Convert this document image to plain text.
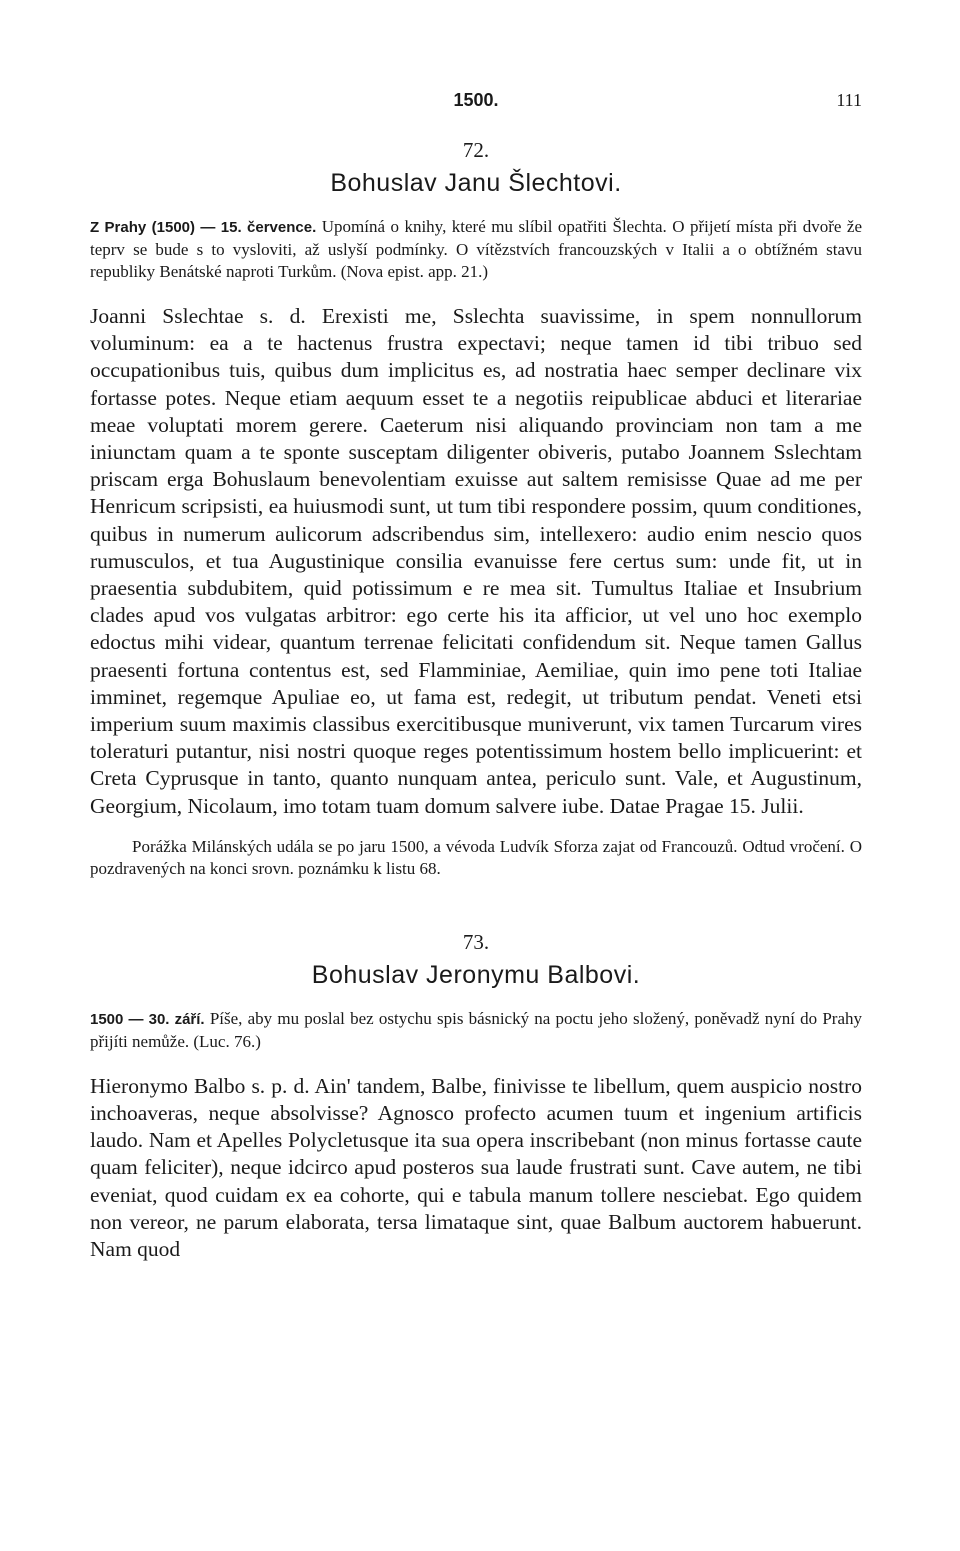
1500.	111
72.
Bohuslav Janu Šlechtovi.

Z Prahy (1500) — 15. července. Upomíná o knihy, které mu slíbil opatřiti Šlechta. O přijetí místa při dvoře že teprv se bude s to vysloviti, až uslyší podmínky. O vítězstvích francouzských v Italii a o obtížném stavu republiky Benátské naproti Turkům. (Nova epist. app. 21.)

Joanni Sslechtae s. d. Erexisti me, Sslechta suavissime, in spem nonnullorum voluminum: ea a te hactenus frustra expectavi; neque tamen id tibi tribuo sed occupationibus tuis, quibus dum implicitus es, ad nostratia haec semper declinare vix fortasse potes. Neque etiam aequum esset te a negotiis reipublicae abduci et literariae meae voluptati morem gerere. Caeterum nisi aliquando provinciam non tam a me iniunctam quam a te sponte susceptam diligenter obiveris, putabo Joannem Sslechtam priscam erga Bohuslaum benevolentiam exuisse aut saltem remisisse Quae ad me per Henricum scripsisti, ea huiusmodi sunt, ut tum tibi respondere possim, quum conditiones, quibus in numerum aulicorum adscribendus sim, intellexero: audio enim nescio quos rumusculos, et tua Augustinique consilia evanuisse fere certus sum: unde fit, ut in praesentia subdubitem, quid potissimum e re mea sit. Tumultus Italiae et Insubrium clades apud vos vulgatas arbitror: ego certe his ita afficior, ut vel uno hoc exemplo edoctus mihi videar, quantum terrenae felicitati confidendum sit. Neque tamen Gallus praesenti fortuna contentus est, sed Flamminiae, Aemiliae, quin imo pene toti Italiae imminet, regemque Apuliae eo, ut fama est, redegit, ut tributum pendat. Veneti etsi imperium suum maximis classibus exercitibusque muniverunt, vix tamen Turcarum vires toleraturi putantur, nisi nostri quoque reges potentissimum hostem bello implicuerint: et Creta Cyprusque in tanto, quanto nunquam antea, periculo sunt. Vale, et Augustinum, Georgium, Nicolaum, imo totam tuam domum salvere iube. Datae Pragae 15. Julii.

Porážka Milánských udála se po jaru 1500, a vévoda Ludvík Sforza zajat od Francouzů. Odtud vročení. O pozdravených na konci srovn. poznámku k listu 68.

73.
Bohuslav Jeronymu Balbovi.

1500 — 30. září. Píše, aby mu poslal bez ostychu spis básnický na poctu jeho složený, poněvadž nyní do Prahy přijíti nemůže. (Luc. 76.)

Hieronymo Balbo s. p. d. Ain' tandem, Balbe, finivisse te libellum, quem auspicio nostro inchoaveras, neque absolvisse? Agnosco profecto acumen tuum et ingenium artificis laudo. Nam et Apelles Polycletusque ita sua opera inscribebant (non minus fortasse caute quam feliciter), neque idcirco apud posteros sua laude frustrati sunt. Cave autem, ne tibi eveniat, quod cuidam ex ea cohorte, qui e tabula manum tollere nesciebat. Ego quidem non vereor, ne parum elaborata, tersa limataque sint, quae Balbum auctorem habuerunt. Nam quod
